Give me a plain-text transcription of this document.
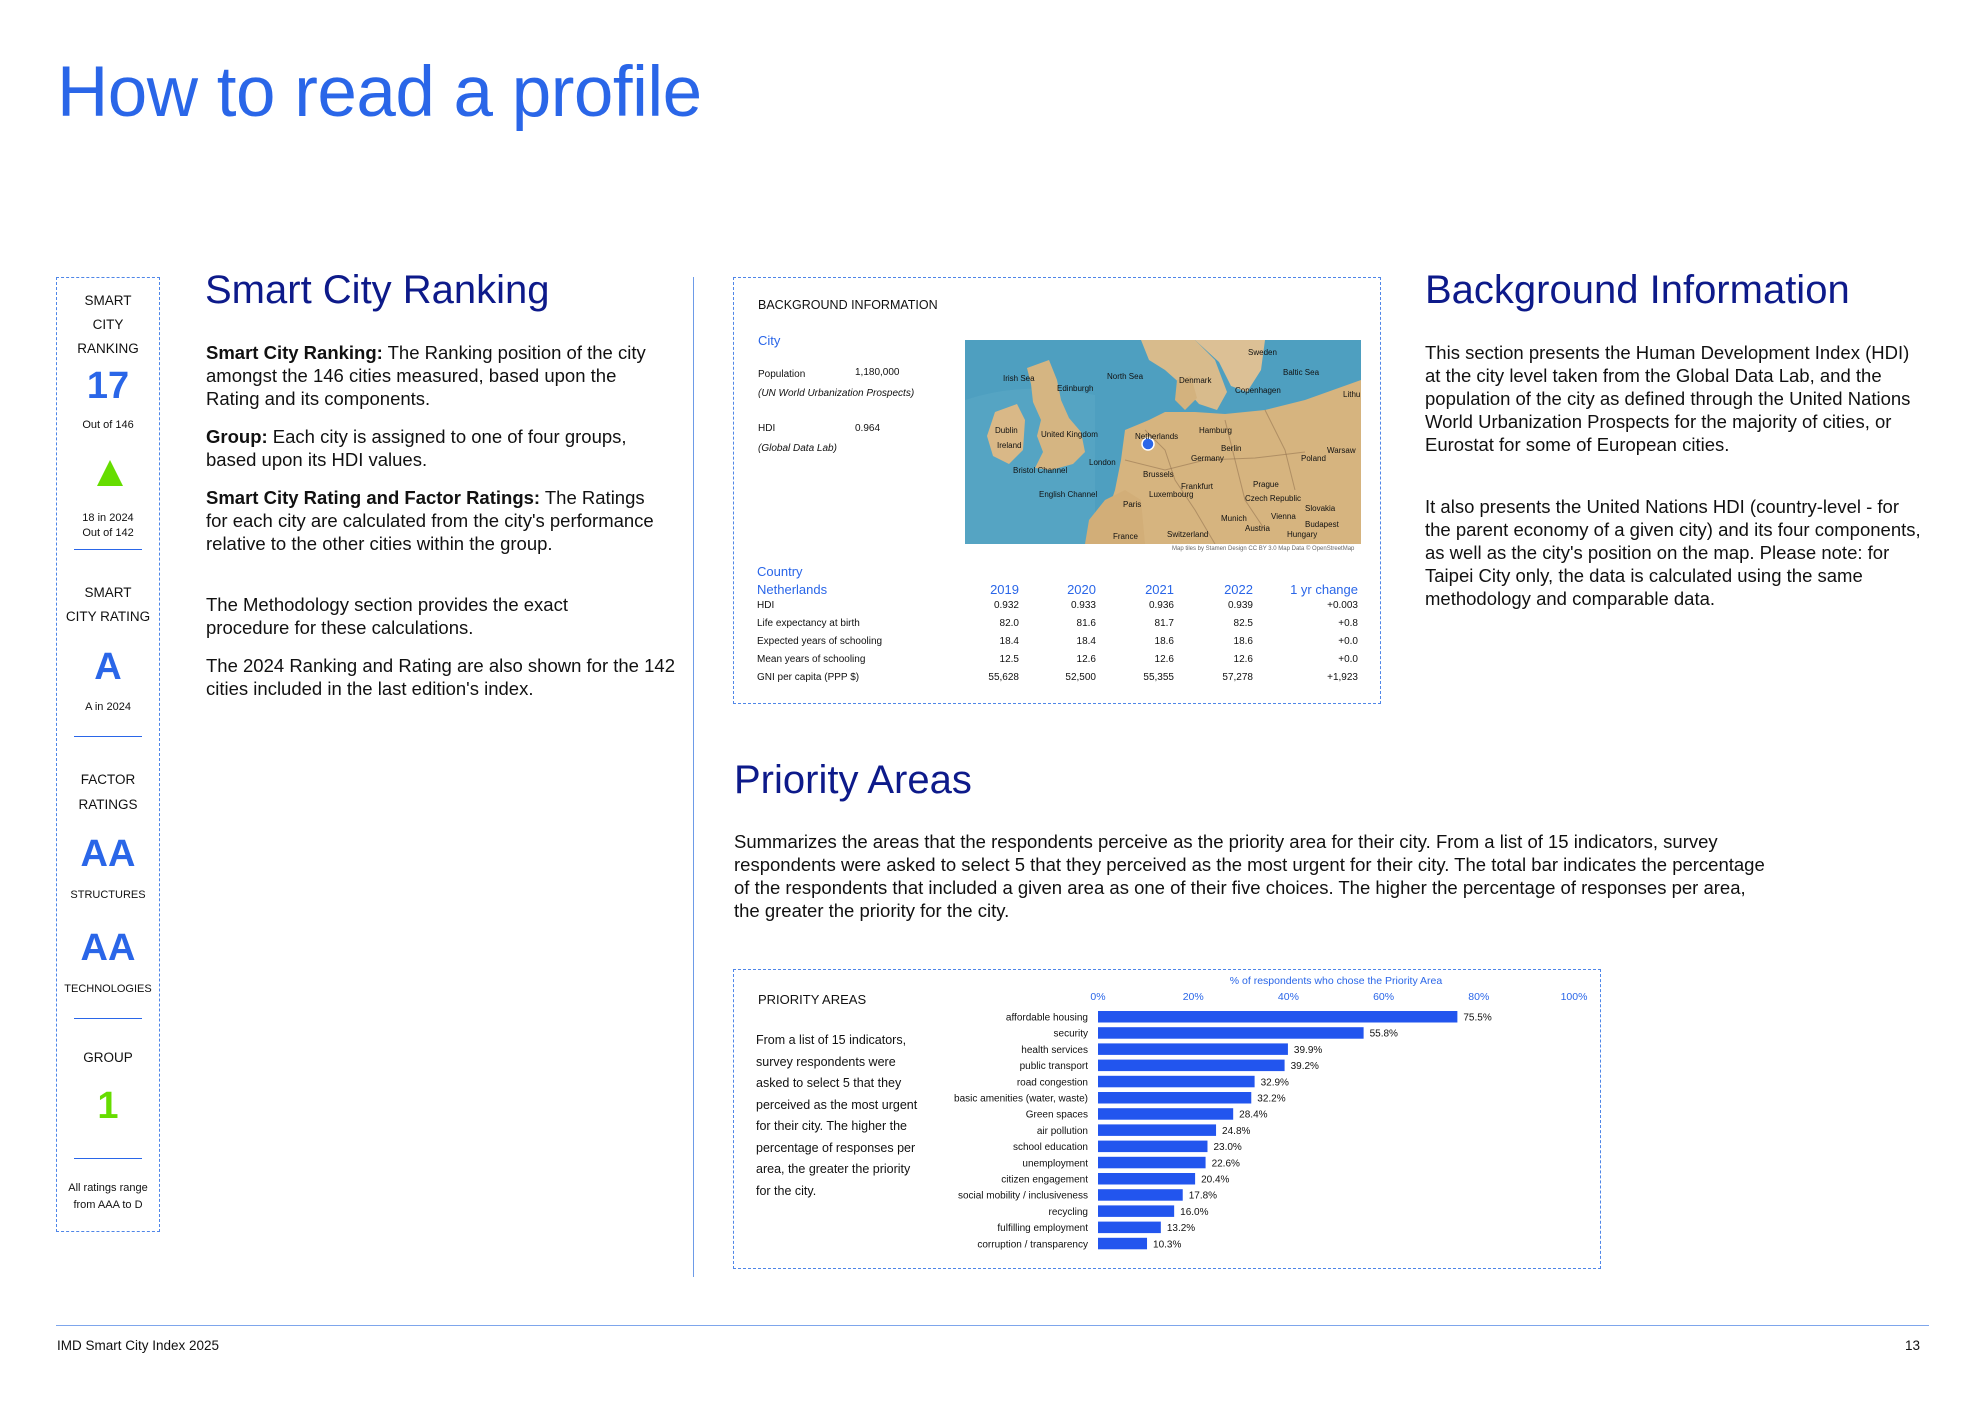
How to read a profile
SMART
CITY
RANKING
17
Out of 146
18 in 2024
Out of 142
SMART
CITY RATING
A
A in 2024
FACTOR
RATINGS
AA
STRUCTURES
AA
TECHNOLOGIES
GROUP
1
All ratings range
from AAA to D
Smart City Ranking

Smart City Ranking: The Ranking position of the city amongst the 146 cities measured, based upon the Rating and its components.

Group: Each city is assigned to one of four groups, based upon its HDI values.

Smart City Rating and Factor Ratings: The Ratings for each city are calculated from the city's performance relative to the other cities within the group.

The Methodology section provides the exact procedure for these calculations.

The 2024 Ranking and Rating are also shown for the 142 cities included in the last edition's index.

BACKGROUND INFORMATION
City
Population	1,180,000
(UN World Urbanization Prospects)
HDI	0.964
(Global Data Lab)
Sweden
Baltic Sea
North Sea	Denmark
Copenhagen
Edinburgh
Dublin
Ireland
United Kingdom	Netherlands
Hamburg
Berlin
Germany	Poland
Warsaw
London
Brussels
Frankfurt	Prague
Czech Republic
Slovakia
Paris
Luxembourg
Munich	Vienna
Budapest
Austria
France	Switzerland	Hungary
Lithu
Bristol Channel
English Channel
Irish Sea
Map tiles by Stamen Design CC BY 3.0 Map Data © OpenStreetMap
Country
Netherlands	2019	2020	2021	2022	1 yr change
HDI	0.932	0.933	0.936	0.939	+0.003
Life expectancy at birth	82.0	81.6	81.7	82.5	+0.8
Expected years of schooling	18.4	18.4	18.6	18.6	+0.0
Mean years of schooling	12.5	12.6	12.6	12.6	+0.0
GNI per capita (PPP $)	55,628	52,500	55,355	57,278	+1,923
Background Information

This section presents the Human Development Index (HDI) at the city level taken from the Global Data Lab, and the population of the city as defined through the United Nations World Urbanization Prospects for the majority of cities, or Eurostat for some of European cities.

It also presents the United Nations HDI (country-level - for the parent economy of a given city) and its four components, as well as the city's position on the map. Please note: for Taipei City only, the data is calculated using the same methodology and comparable data.

Priority Areas

Summarizes the areas that the respondents perceive as the priority area for their city. From a list of 15 indicators, survey respondents were asked to select 5 that they perceived as the most urgent for their city. The total bar indicates the percentage of the respondents that included a given area as one of their five choices. The higher the percentage of responses per area, the greater the priority for the city.

PRIORITY AREAS
From a list of 15 indicators, survey respondents were asked to select 5 that they perceived as the most urgent for their city. The higher the percentage of responses per area, the greater the priority for the city.
% of respondents who chose the Priority Area
0%	20%	40%	60%	80%	100%
affordable housing	75.5%
security	55.8%
health services	39.9%
public transport	39.2%
road congestion	32.9%
basic amenities (water, waste)	32.2%
Green spaces	28.4%
air pollution	24.8%
school education	23.0%
unemployment	22.6%
citizen engagement	20.4%
social mobility / inclusiveness	17.8%
recycling	16.0%
fulfilling employment	13.2%
corruption / transparency	10.3%
IMD Smart City Index 2025	13
